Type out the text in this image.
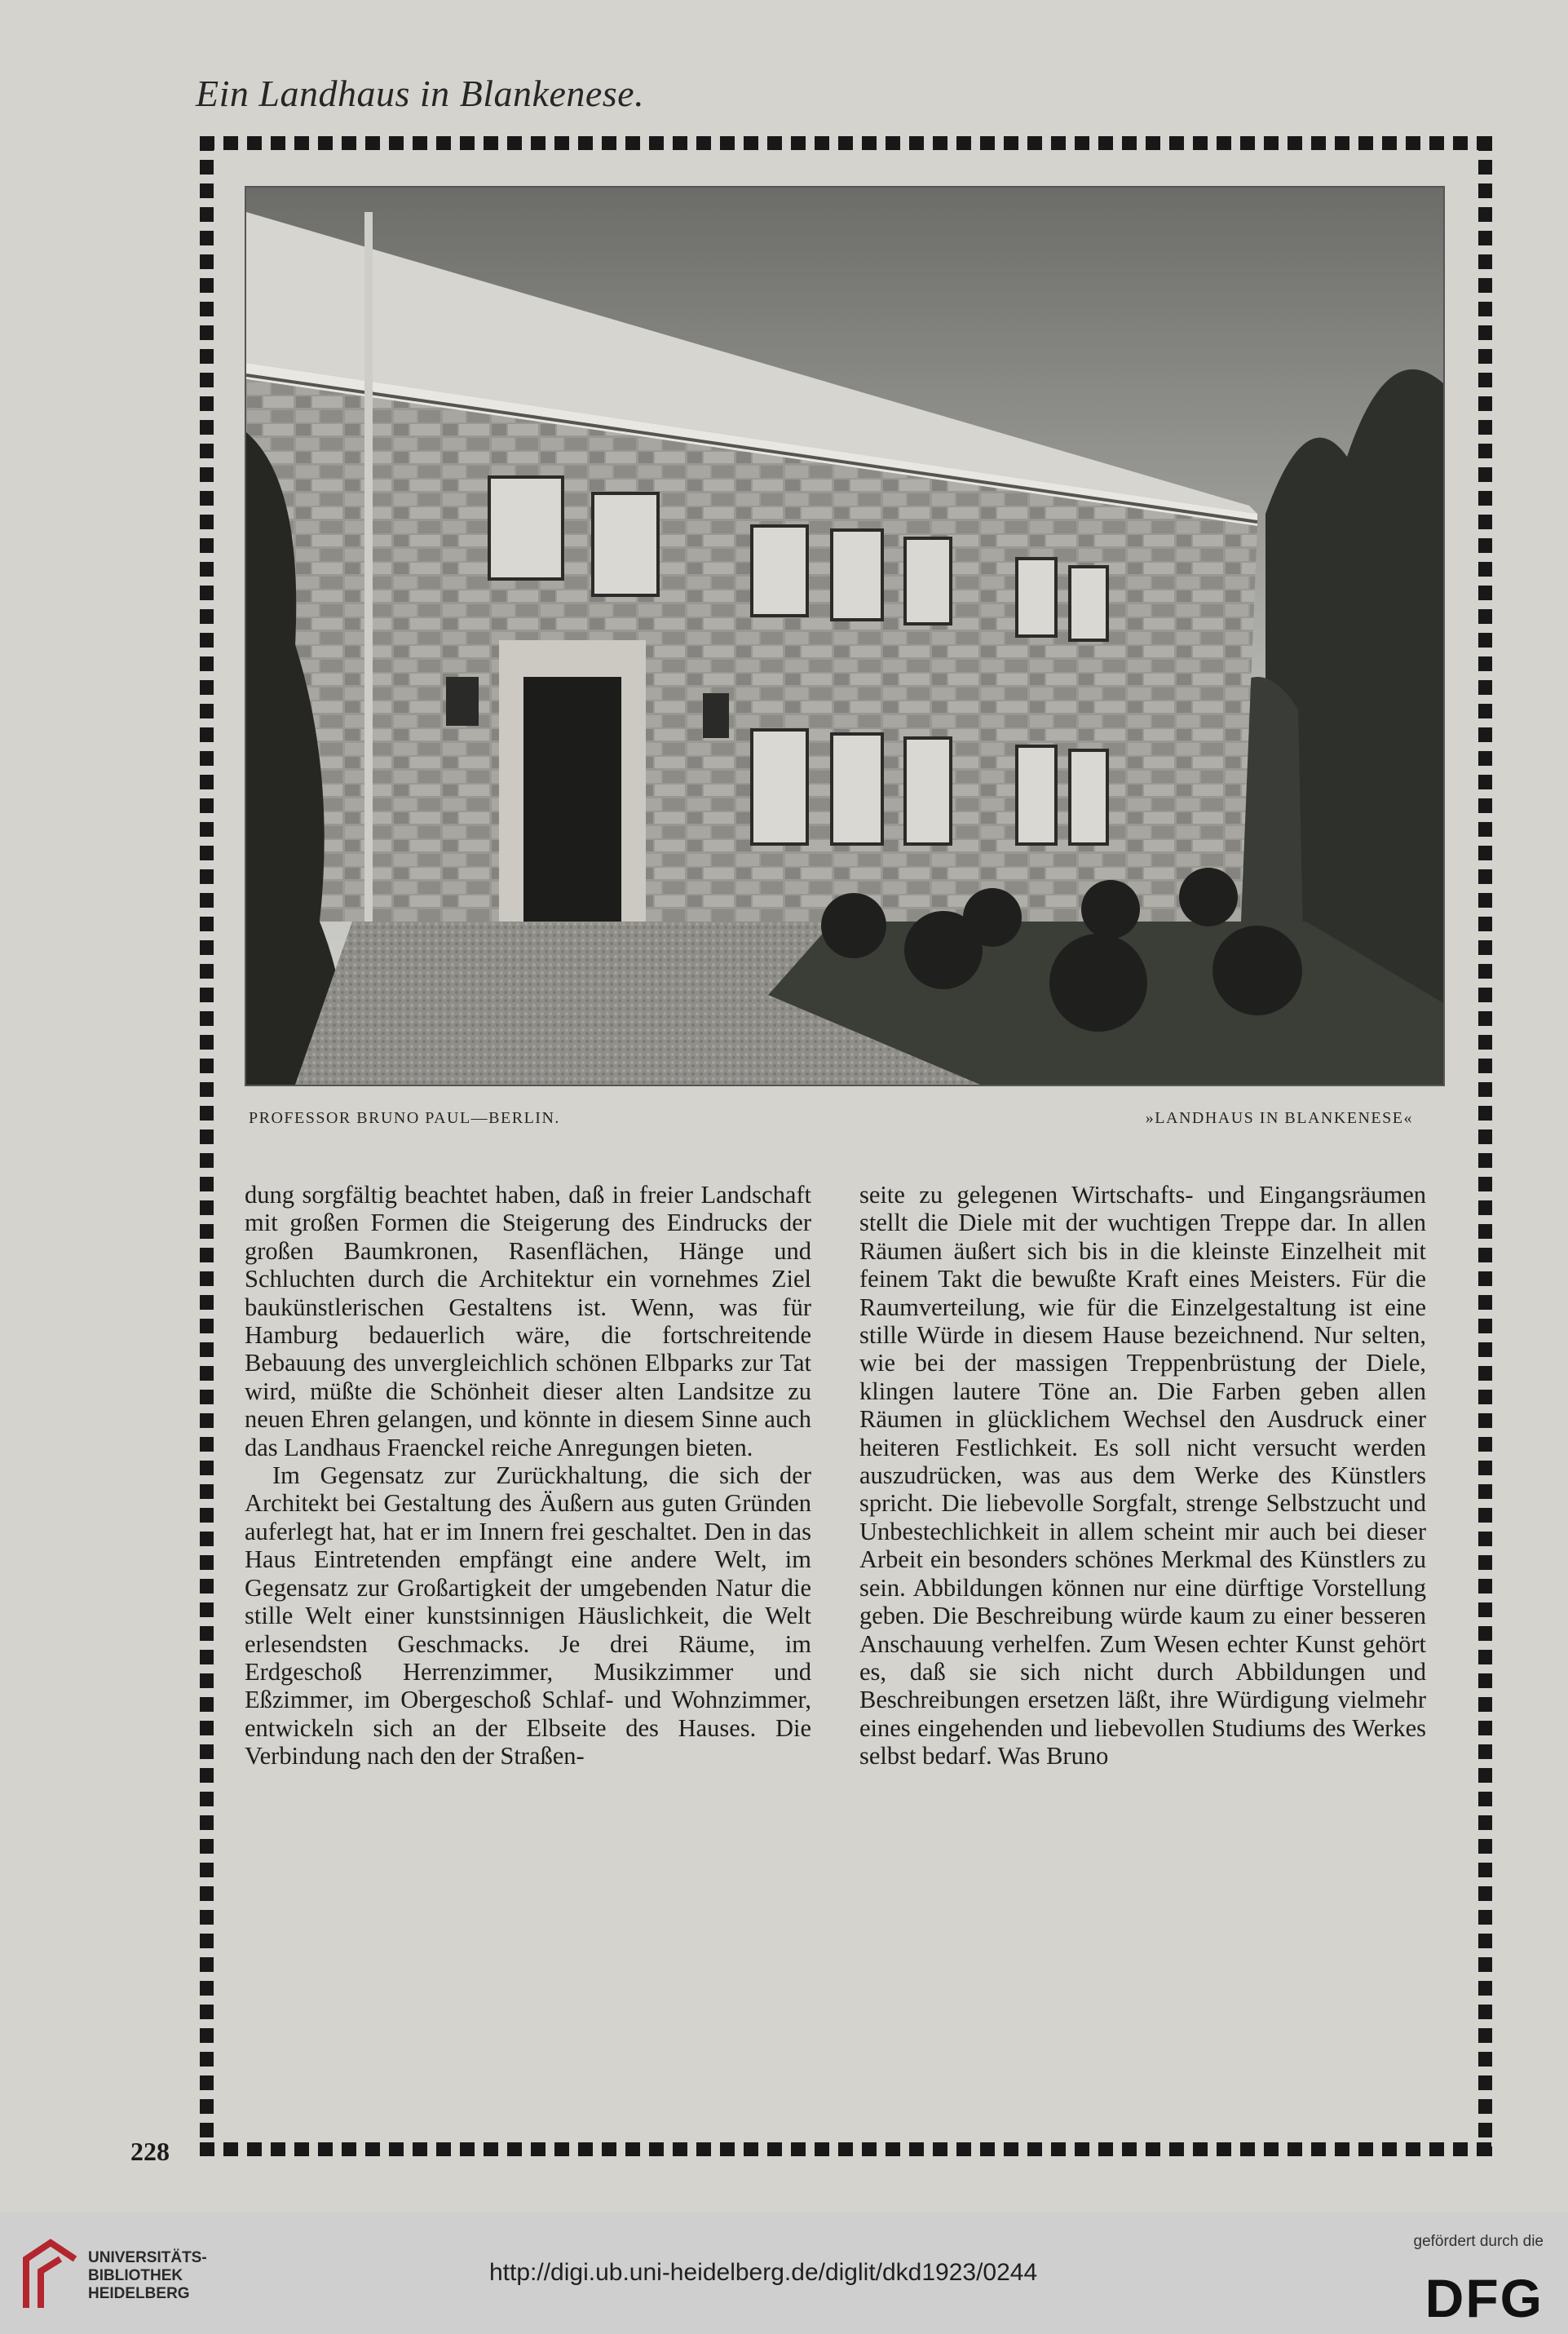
Ein Landhaus in Blankenese.
PROFESSOR BRUNO PAUL—BERLIN.	»LANDHAUS IN BLANKENESE«

dung sorgfältig beachtet haben, daß in freier Landschaft mit großen Formen die Steigerung des Eindrucks der großen Baumkronen, Rasenflächen, Hänge und Schluchten durch die Architektur ein vornehmes Ziel baukünstlerischen Gestaltens ist. Wenn, was für Hamburg bedauerlich wäre, die fortschreitende Bebauung des unvergleichlich schönen Elbparks zur Tat wird, müßte die Schönheit dieser alten Landsitze zu neuen Ehren gelangen, und könnte in diesem Sinne auch das Landhaus Fraenckel reiche Anregungen bieten.

Im Gegensatz zur Zurückhaltung, die sich der Architekt bei Gestaltung des Äußern aus guten Gründen auferlegt hat, hat er im Innern frei geschaltet. Den in das Haus Eintretenden empfängt eine andere Welt, im Gegensatz zur Großartigkeit der umgebenden Natur die stille Welt einer kunstsinnigen Häuslichkeit, die Welt erlesendsten Geschmacks. Je drei Räume, im Erdgeschoß Herrenzimmer, Musikzimmer und Eßzimmer, im Obergeschoß Schlaf- und Wohnzimmer, entwickeln sich an der Elbseite des Hauses. Die Verbindung nach den der Straßen-

seite zu gelegenen Wirtschafts- und Eingangsräumen stellt die Diele mit der wuchtigen Treppe dar. In allen Räumen äußert sich bis in die kleinste Einzelheit mit feinem Takt die bewußte Kraft eines Meisters. Für die Raumverteilung, wie für die Einzelgestaltung ist eine stille Würde in diesem Hause bezeichnend. Nur selten, wie bei der massigen Treppenbrüstung der Diele, klingen lautere Töne an. Die Farben geben allen Räumen in glücklichem Wechsel den Ausdruck einer heiteren Festlichkeit. Es soll nicht versucht werden auszudrücken, was aus dem Werke des Künstlers spricht. Die liebevolle Sorgfalt, strenge Selbstzucht und Unbestechlichkeit in allem scheint mir auch bei dieser Arbeit ein besonders schönes Merkmal des Künstlers zu sein. Abbildungen können nur eine dürftige Vorstellung geben. Die Beschreibung würde kaum zu einer besseren Anschauung verhelfen. Zum Wesen echter Kunst gehört es, daß sie sich nicht durch Abbildungen und Beschreibungen ersetzen läßt, ihre Würdigung vielmehr eines eingehenden und liebevollen Studiums des Werkes selbst bedarf. Was Bruno

228
UNIVERSITÄTS-
BIBLIOTHEK
HEIDELBERG
http://digi.ub.uni-heidelberg.de/diglit/dkd1923/0244
gefördert durch die
DFG
